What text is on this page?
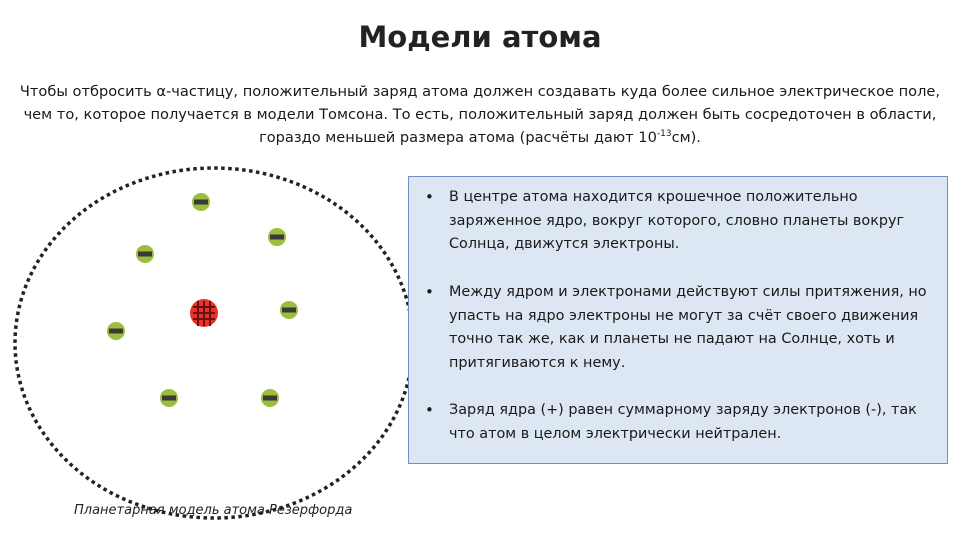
Модели атома
Чтобы отбросить α-частицу, положительный заряд атома должен создавать куда более сильное электрическое поле, чем то, которое получается в модели Томсона. То есть, положительный заряд должен быть сосредоточен в области, гораздо меньшей размера атома (расчёты дают $10^{-13}см$).
+++
Планетарная модель атома Резерфорда
• В центре атома находится крошечное положительно заряженное ядро, вокруг которого, словно планеты вокруг Солнца, движутся электроны.
• Между ядром и электронами действуют силы притяжения, но упасть на ядро электроны не могут за счёт своего движения точно так же, как и планеты не падают на Солнце, хоть и притягиваются к нему.
• Заряд ядра (+) равен суммарному заряду электронов (-), так что атом в целом электрически нейтрален.
